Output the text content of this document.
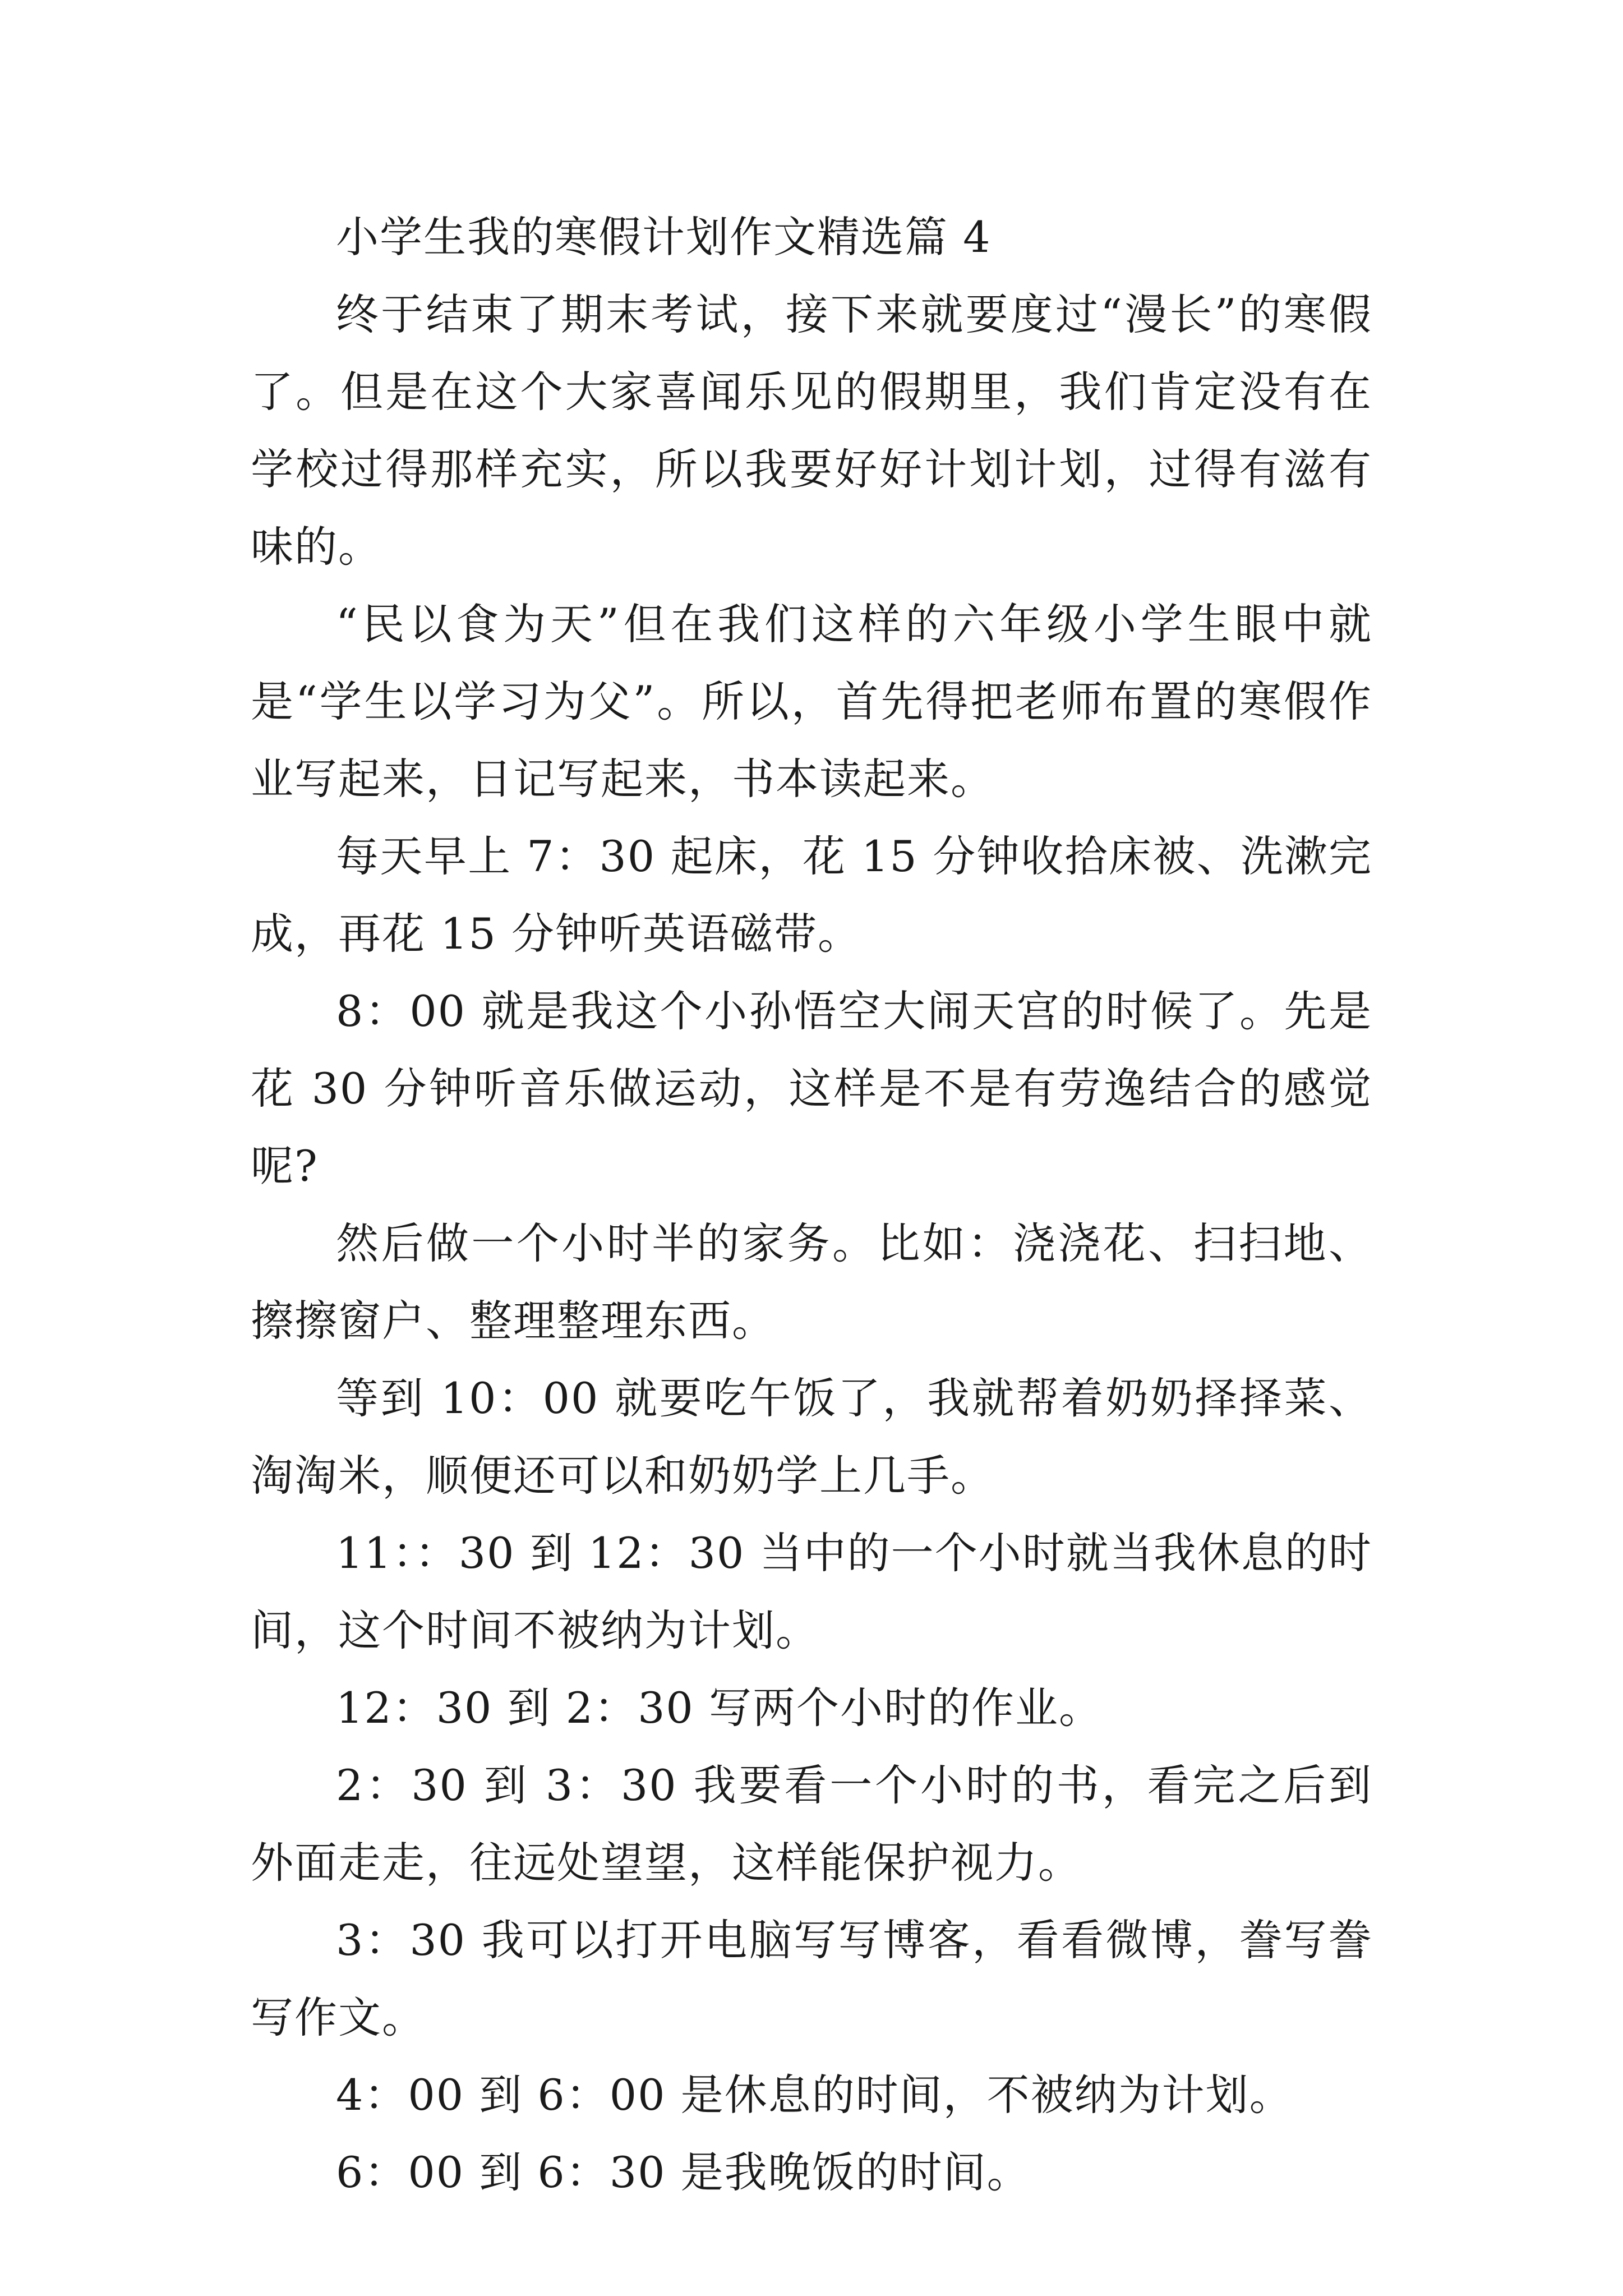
小学生我的寒假计划作文精选篇 4

终于结束了期末考试，接下来就要度过“漫长”的寒假了。但是在这个大家喜闻乐见的假期里，我们肯定没有在学校过得那样充实，所以我要好好计划计划，过得有滋有味的。

“民以食为天”但在我们这样的六年级小学生眼中就是“学生以学习为父”。所以，首先得把老师布置的寒假作业写起来，日记写起来，书本读起来。

每天早上 7：30 起床，花 15 分钟收拾床被、洗漱完成，再花 15 分钟听英语磁带。

8：00 就是我这个小孙悟空大闹天宫的时候了。先是花 30 分钟听音乐做运动，这样是不是有劳逸结合的感觉呢?

然后做一个小时半的家务。比如：浇浇花、扫扫地、擦擦窗户、整理整理东西。

等到 10：00 就要吃午饭了，我就帮着奶奶择择菜、淘淘米，顺便还可以和奶奶学上几手。

11：：30 到 12：30 当中的一个小时就当我休息的时间，这个时间不被纳为计划。

12：30 到 2：30 写两个小时的作业。

2：30 到 3：30 我要看一个小时的书，看完之后到外面走走，往远处望望，这样能保护视力。

3：30 我可以打开电脑写写博客，看看微博，誊写誊写作文。

4：00 到 6：00 是休息的时间，不被纳为计划。

6：00 到 6：30 是我晚饭的时间。
